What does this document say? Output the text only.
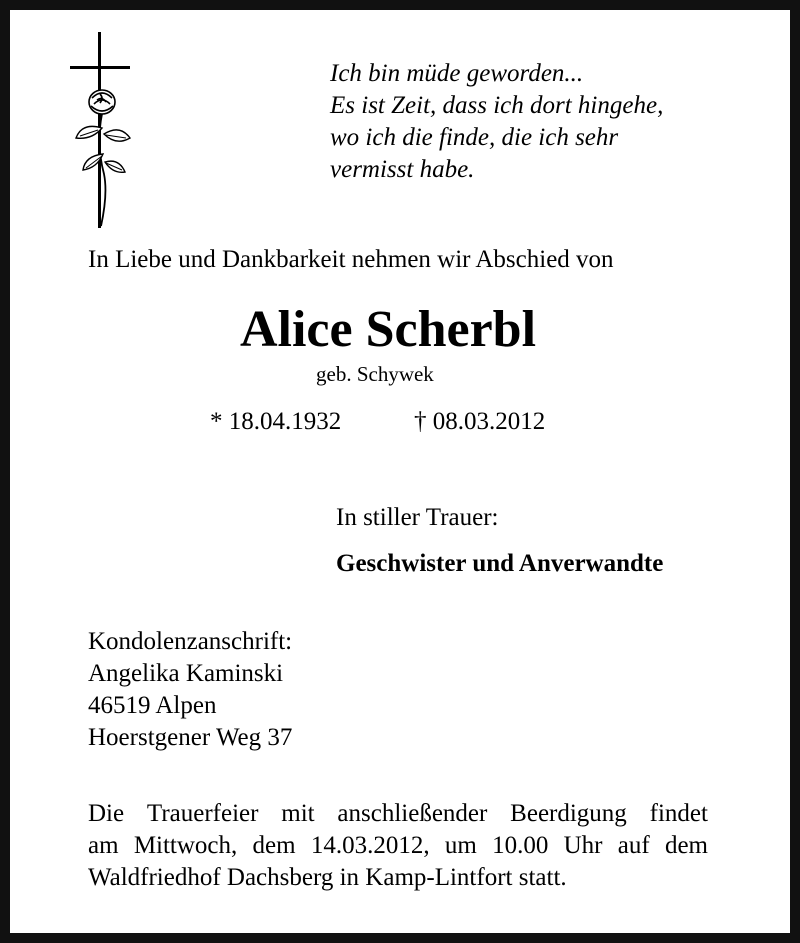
Ich bin müde geworden...
Es ist Zeit, dass ich dort hingehe,
wo ich die finde, die ich sehr
vermisst habe.
In Liebe und Dankbarkeit nehmen wir Abschied von
Alice Scherbl
geb. Schywek
* 18.04.1932	† 08.03.2012
In stiller Trauer:
Geschwister und Anverwandte
Kondolenzanschrift:
Angelika Kaminski
46519 Alpen
Hoerstgener Weg 37
Die Trauerfeier mit anschließender Beerdigung findet
am Mittwoch, dem 14.03.2012, um 10.00 Uhr auf dem
Waldfriedhof Dachsberg in Kamp-Lintfort statt.
